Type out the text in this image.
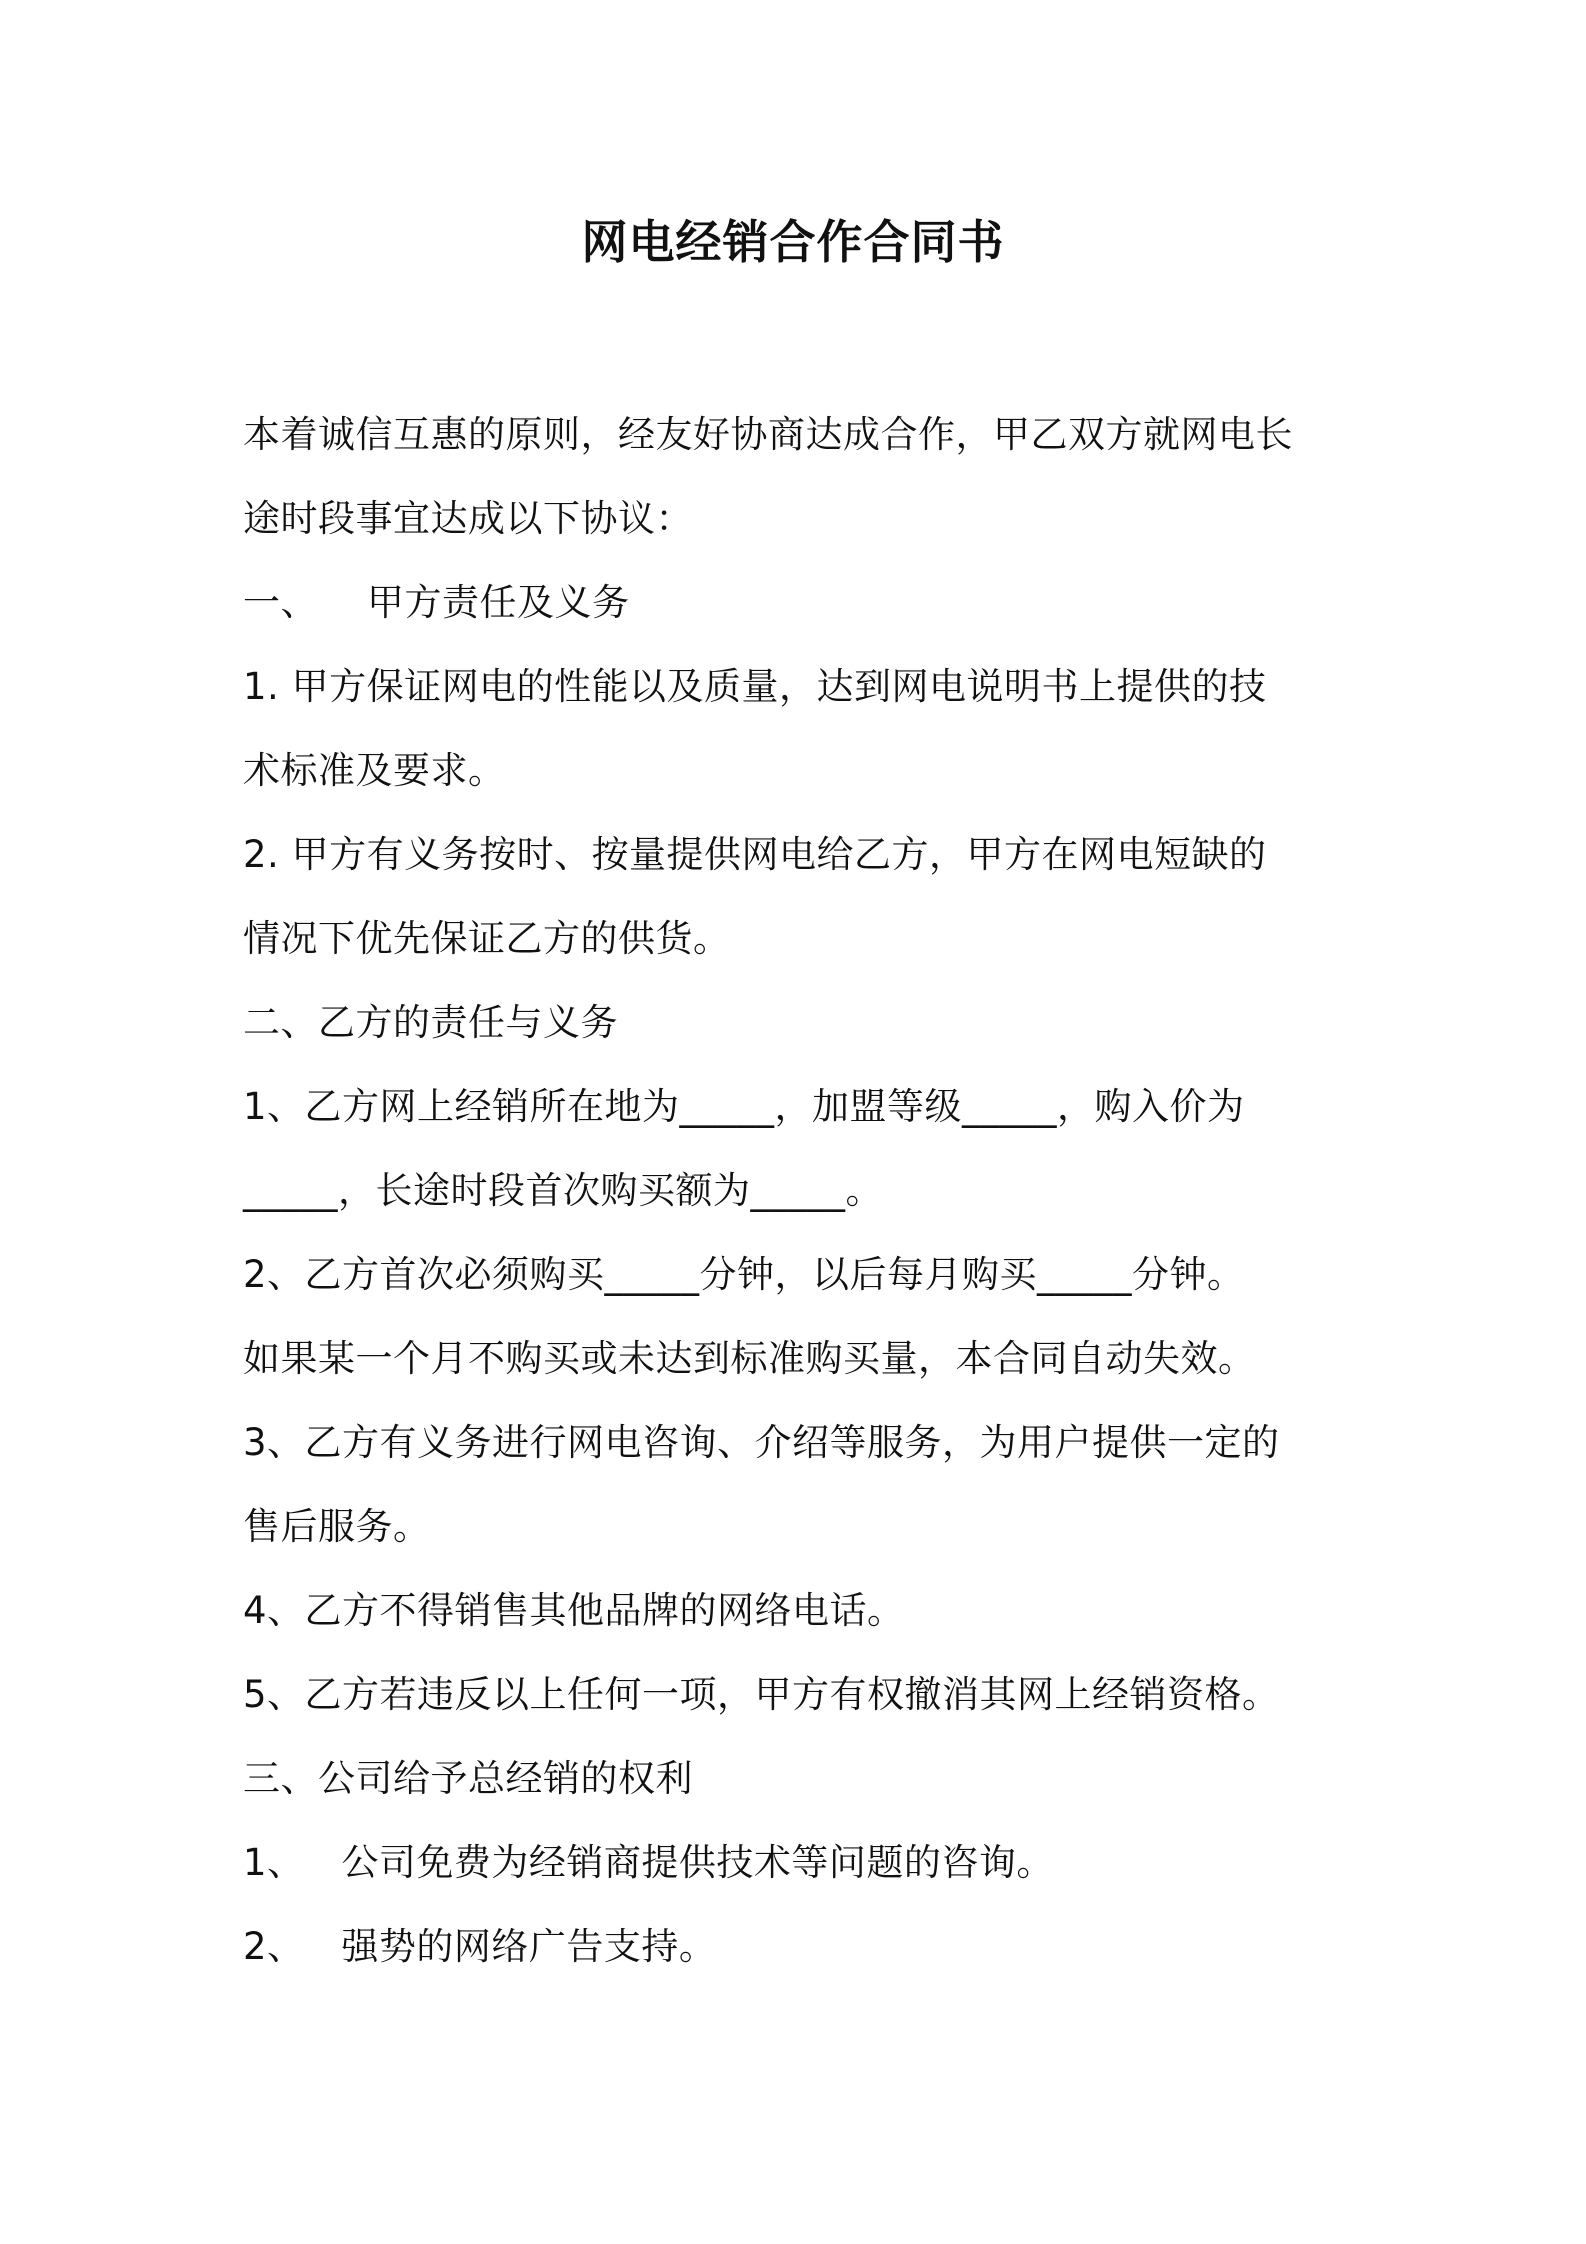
网电经销合作合同书
本着诚信互惠的原则，经友好协商达成合作，甲乙双方就网电长
途时段事宜达成以下协议：
一、    甲方责任及义务
1. 甲方保证网电的性能以及质量，达到网电说明书上提供的技
术标准及要求。
2. 甲方有义务按时、按量提供网电给乙方，甲方在网电短缺的
情况下优先保证乙方的供货。
二、乙方的责任与义务
1、乙方网上经销所在地为_____，加盟等级_____，购入价为
_____，长途时段首次购买额为_____。
2、乙方首次必须购买_____分钟，以后每月购买_____分钟。
如果某一个月不购买或未达到标准购买量，本合同自动失效。
3、乙方有义务进行网电咨询、介绍等服务，为用户提供一定的
售后服务。
4、乙方不得销售其他品牌的网络电话。
5、乙方若违反以上任何一项，甲方有权撤消其网上经销资格。
三、公司给予总经销的权利
1、   公司免费为经销商提供技术等问题的咨询。
2、   强势的网络广告支持。
